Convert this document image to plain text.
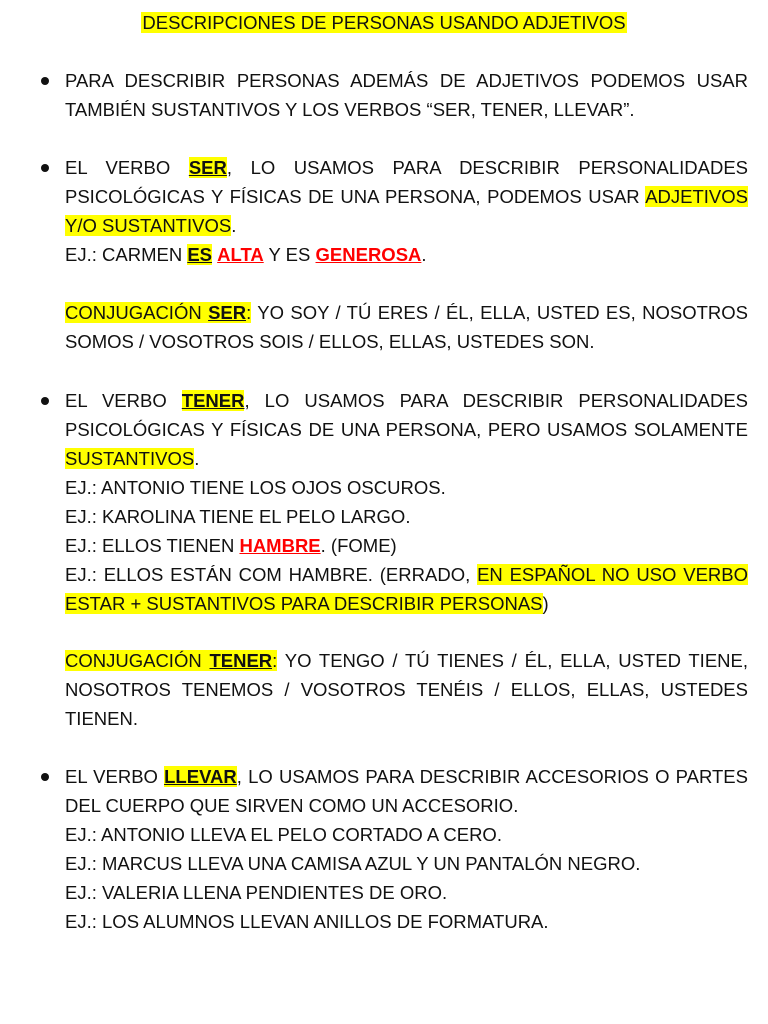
DESCRIPCIONES DE PERSONAS USANDO ADJETIVOS
PARA DESCRIBIR PERSONAS ADEMÁS DE ADJETIVOS PODEMOS USAR TAMBIÉN SUSTANTIVOS Y LOS VERBOS “SER, TENER, LLEVAR”.
EL VERBO SER, LO USAMOS PARA DESCRIBIR PERSONALIDADES PSICOLÓGICAS Y FÍSICAS DE UNA PERSONA, PODEMOS USAR ADJETIVOS Y/O SUSTANTIVOS.
EJ.: CARMEN ES ALTA Y ES GENEROSA.
CONJUGACIÓN SER: YO SOY / TÚ ERES / ÉL, ELLA, USTED ES, NOSOTROS SOMOS / VOSOTROS SOIS / ELLOS, ELLAS, USTEDES SON.
EL VERBO TENER, LO USAMOS PARA DESCRIBIR PERSONALIDADES PSICOLÓGICAS Y FÍSICAS DE UNA PERSONA, PERO USAMOS SOLAMENTE SUSTANTIVOS.
EJ.: ANTONIO TIENE LOS OJOS OSCUROS.
EJ.: KAROLINA TIENE EL PELO LARGO.
EJ.: ELLOS TIENEN HAMBRE. (FOME)
EJ.: ELLOS ESTÁN COM HAMBRE. (ERRADO, EN ESPAÑOL NO USO VERBO ESTAR + SUSTANTIVOS PARA DESCRIBIR PERSONAS)
CONJUGACIÓN TENER: YO TENGO / TÚ TIENES / ÉL, ELLA, USTED TIENE, NOSOTROS TENEMOS / VOSOTROS TENÉIS / ELLOS, ELLAS, USTEDES TIENEN.
EL VERBO LLEVAR, LO USAMOS PARA DESCRIBIR ACCESORIOS O PARTES DEL CUERPO QUE SIRVEN COMO UN ACCESORIO.
EJ.: ANTONIO LLEVA EL PELO CORTADO A CERO.
EJ.: MARCUS LLEVA UNA CAMISA AZUL Y UN PANTALÓN NEGRO.
EJ.: VALERIA LLENA PENDIENTES DE ORO.
EJ.: LOS ALUMNOS LLEVAN ANILLOS DE FORMATURA.
